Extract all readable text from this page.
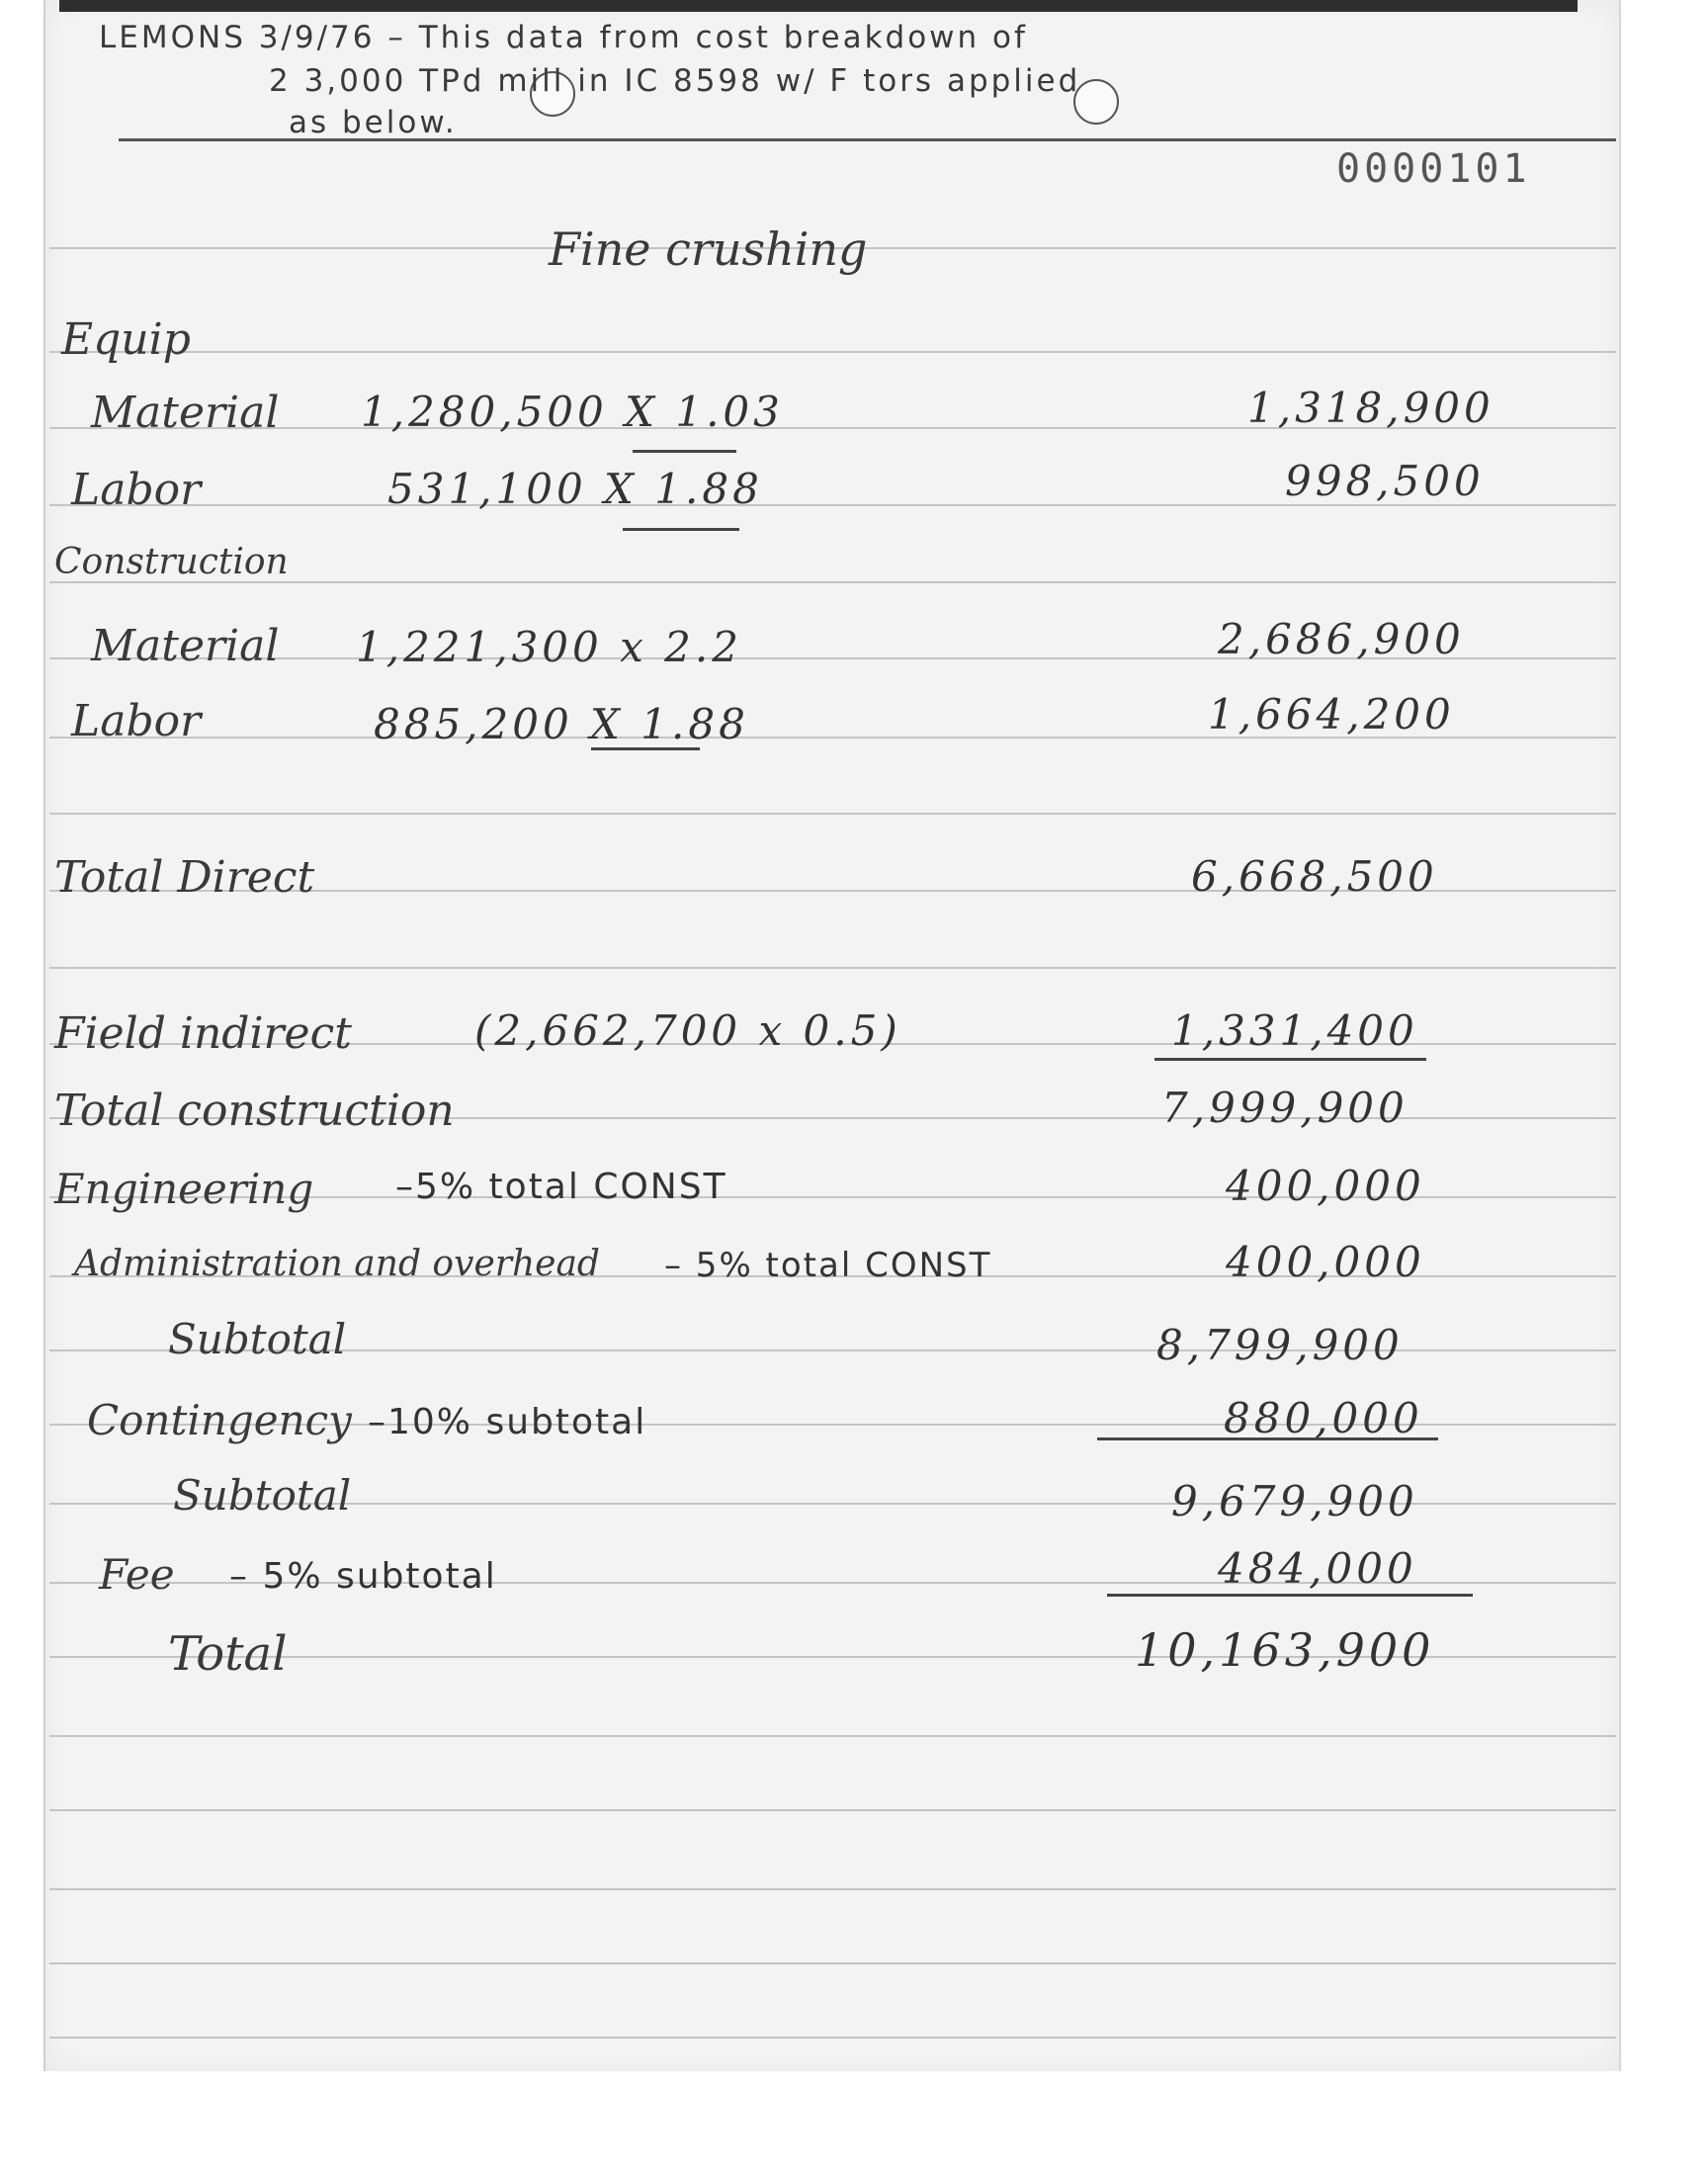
LEMONS 3/9/76 – This data from cost breakdown of
2 3,000 TPd mill in IC 8598 w/ F tors applied
as below.
0000101
Fine crushing
Equip
Material 1,280,500 X 1.03	1,318,900
Labor	531,100 X 1.88	998,500
Construction
Material 1,221,300 x 2.2	2,686,900
Labor	885,200 X 1.88	1,664,200
Total Direct	6,668,500
Field indirect	(2,662,700 x 0.5)	1,331,400
Total construction	7,999,900
Engineering –5% total CONST	400,000
Administration and overhead – 5% total CONST	400,000
Subtotal	8,799,900
Contingency –10% subtotal	880,000
Subtotal	9,679,900
Fee – 5% subtotal	484,000
Total	10,163,900
